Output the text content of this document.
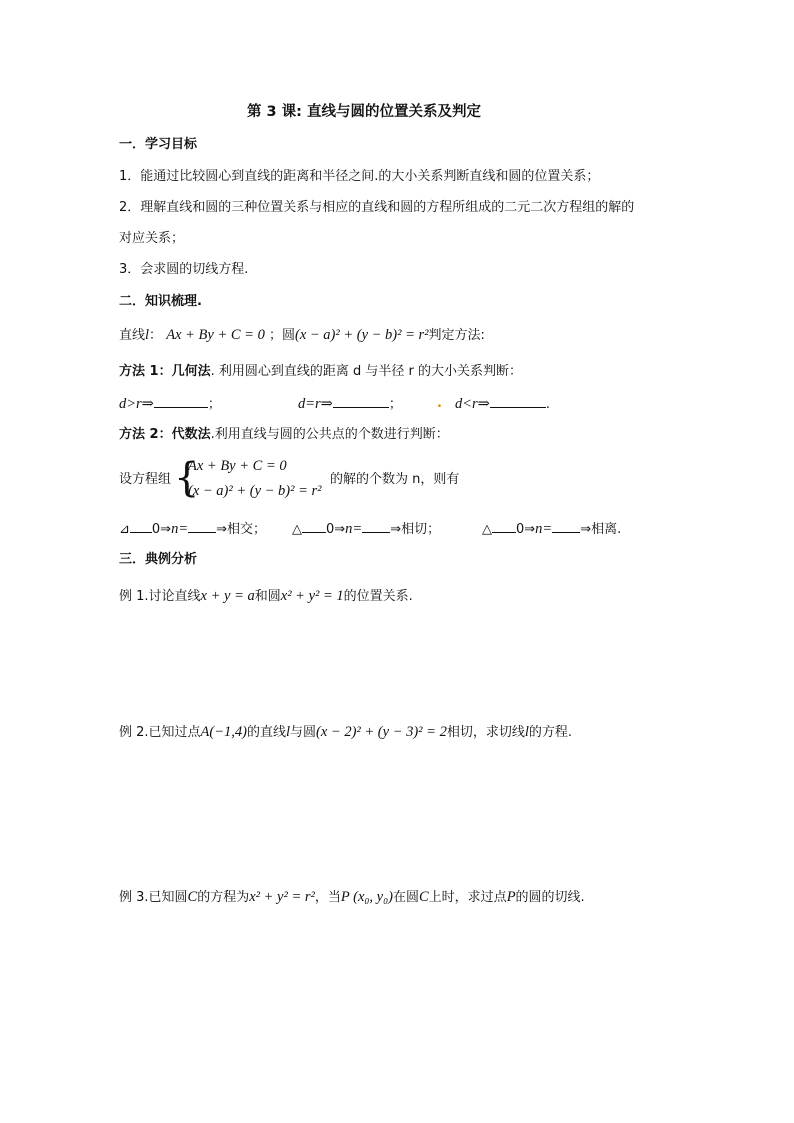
第 3 课: 直线与圆的位置关系及判定
一．学习目标
1．能通过比较圆心到直线的距离和半径之间.的大小关系判断直线和圆的位置关系；
2．理解直线和圆的三种位置关系与相应的直线和圆的方程所组成的二元二次方程组的解的
对应关系；
3．会求圆的切线方程.
二．知识梳理.
直线l： Ax + By + C = 0 ；圆(x − a)² + (y − b)² = r²判定方法:
方法 1：几何法. 利用圆心到直线的距离 d 与半径 r 的大小关系判断：
d>r⇒	；	d=r⇒	；	. d<r⇒	.
方法 2：代数法.利用直线与圆的公共点的个数进行判断：
设方程组 {
Ax + By + C = 0
(x − a)² + (y − b)² = r²
的解的个数为 n，则有
⊿ 0⇒n= ⇒相交； △ 0⇒n= ⇒相切；	△ 0⇒n= ⇒相离.
三．典例分析
例 1.讨论直线x + y = a和圆x² + y² = 1的位置关系.
例 2.已知过点A(−1,4)的直线l与圆(x − 2)² + (y − 3)² = 2相切，求切线l的方程.
例 3.已知圆C的方程为x² + y² = r²，当P (x₀, y₀)在圆C上时，求过点P的圆的切线.
